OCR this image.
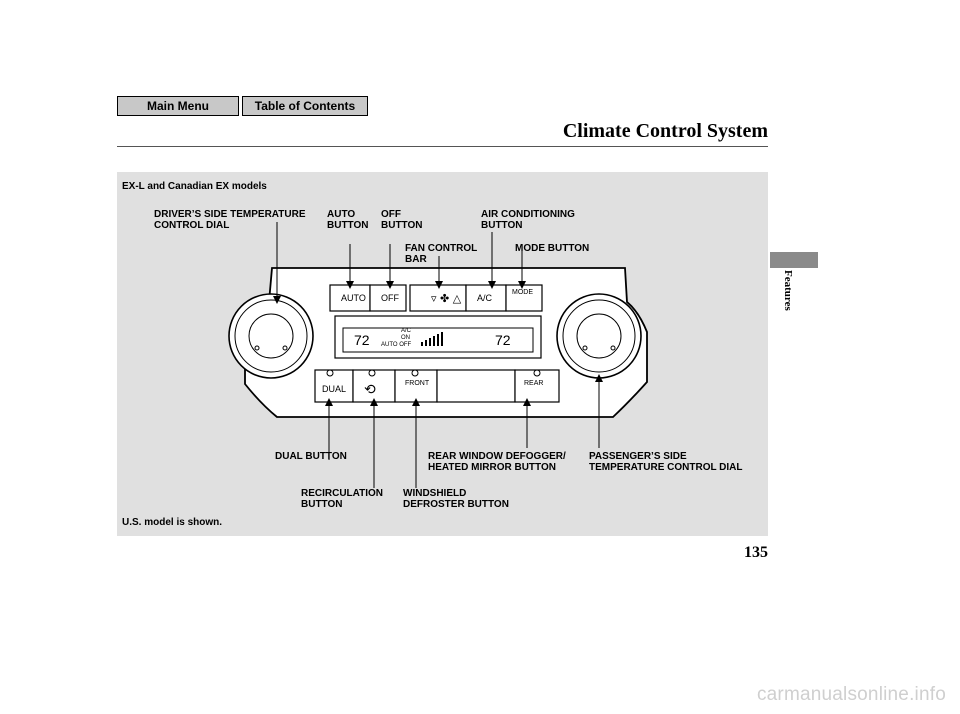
Main Menu	Table of Contents
Climate Control System
▿ ✤ △
⟲
AUTO OFF	A/C
MODE
DUAL
FRONT	REAR
72	72
A/C
ON
AUTO OFF
EX-L and Canadian EX models
DRIVER’S SIDE TEMPERATURE
CONTROL DIAL
AUTO
BUTTON
OFF
BUTTON
AIR CONDITIONING
BUTTON
FAN CONTROL
BAR
MODE BUTTON
DUAL BUTTON	REAR WINDOW DEFOGGER/
HEATED MIRROR BUTTON
PASSENGER’S SIDE
TEMPERATURE CONTROL DIAL
RECIRCULATION
BUTTON
WINDSHIELD
DEFROSTER BUTTON
U.S. model is shown.
Features
135
carmanualsonline.info
